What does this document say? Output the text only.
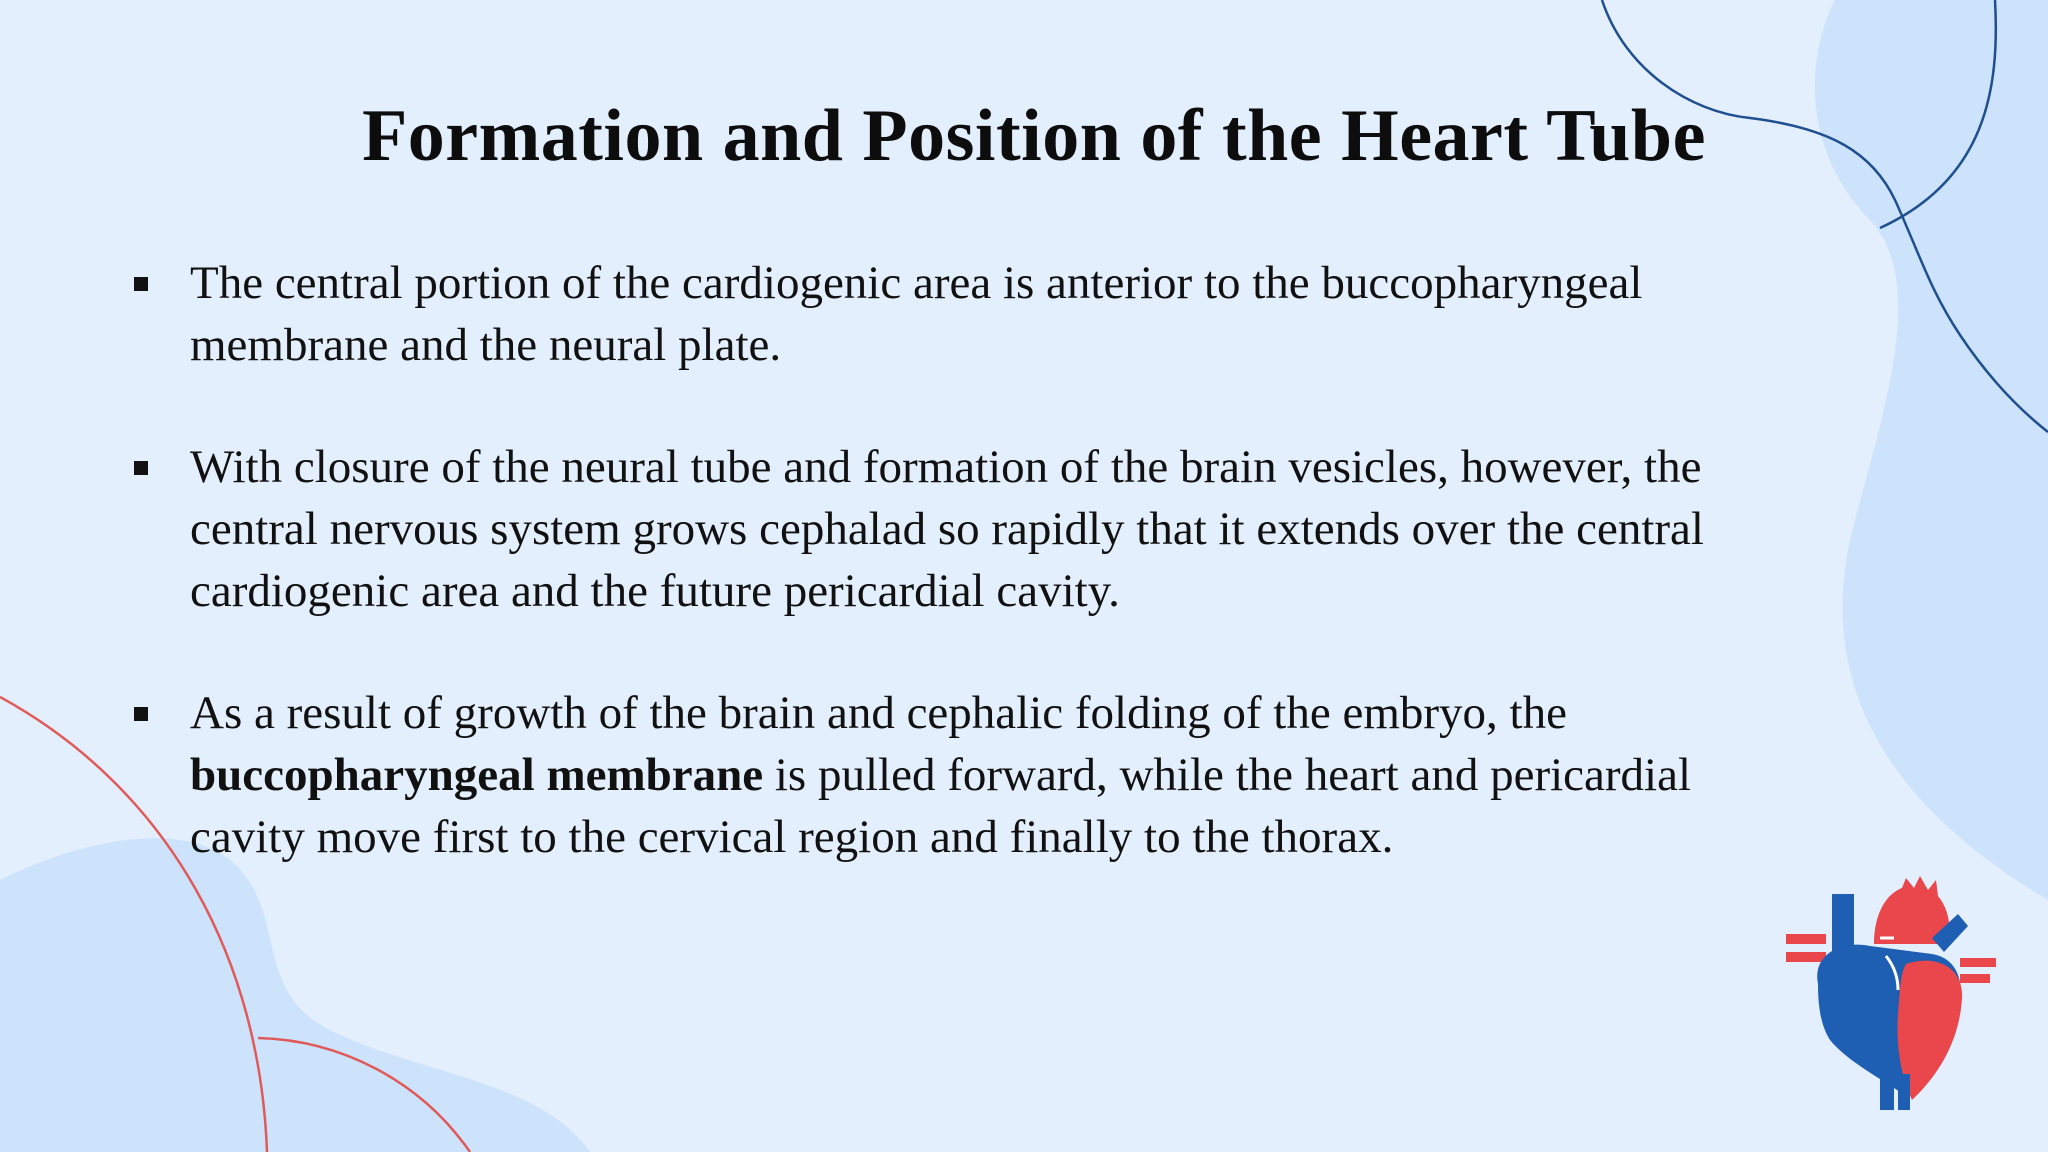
Formation and Position of the Heart Tube
The central portion of the cardiogenic area is anterior to the buccopharyngeal
membrane and the neural plate.
With closure of the neural tube and formation of the brain vesicles, however, the
central nervous system grows cephalad so rapidly that it extends over the central
cardiogenic area and the future pericardial cavity.
As a result of growth of the brain and cephalic folding of the embryo, the
buccopharyngeal membrane is pulled forward, while the heart and pericardial
cavity move first to the cervical region and finally to the thorax.
